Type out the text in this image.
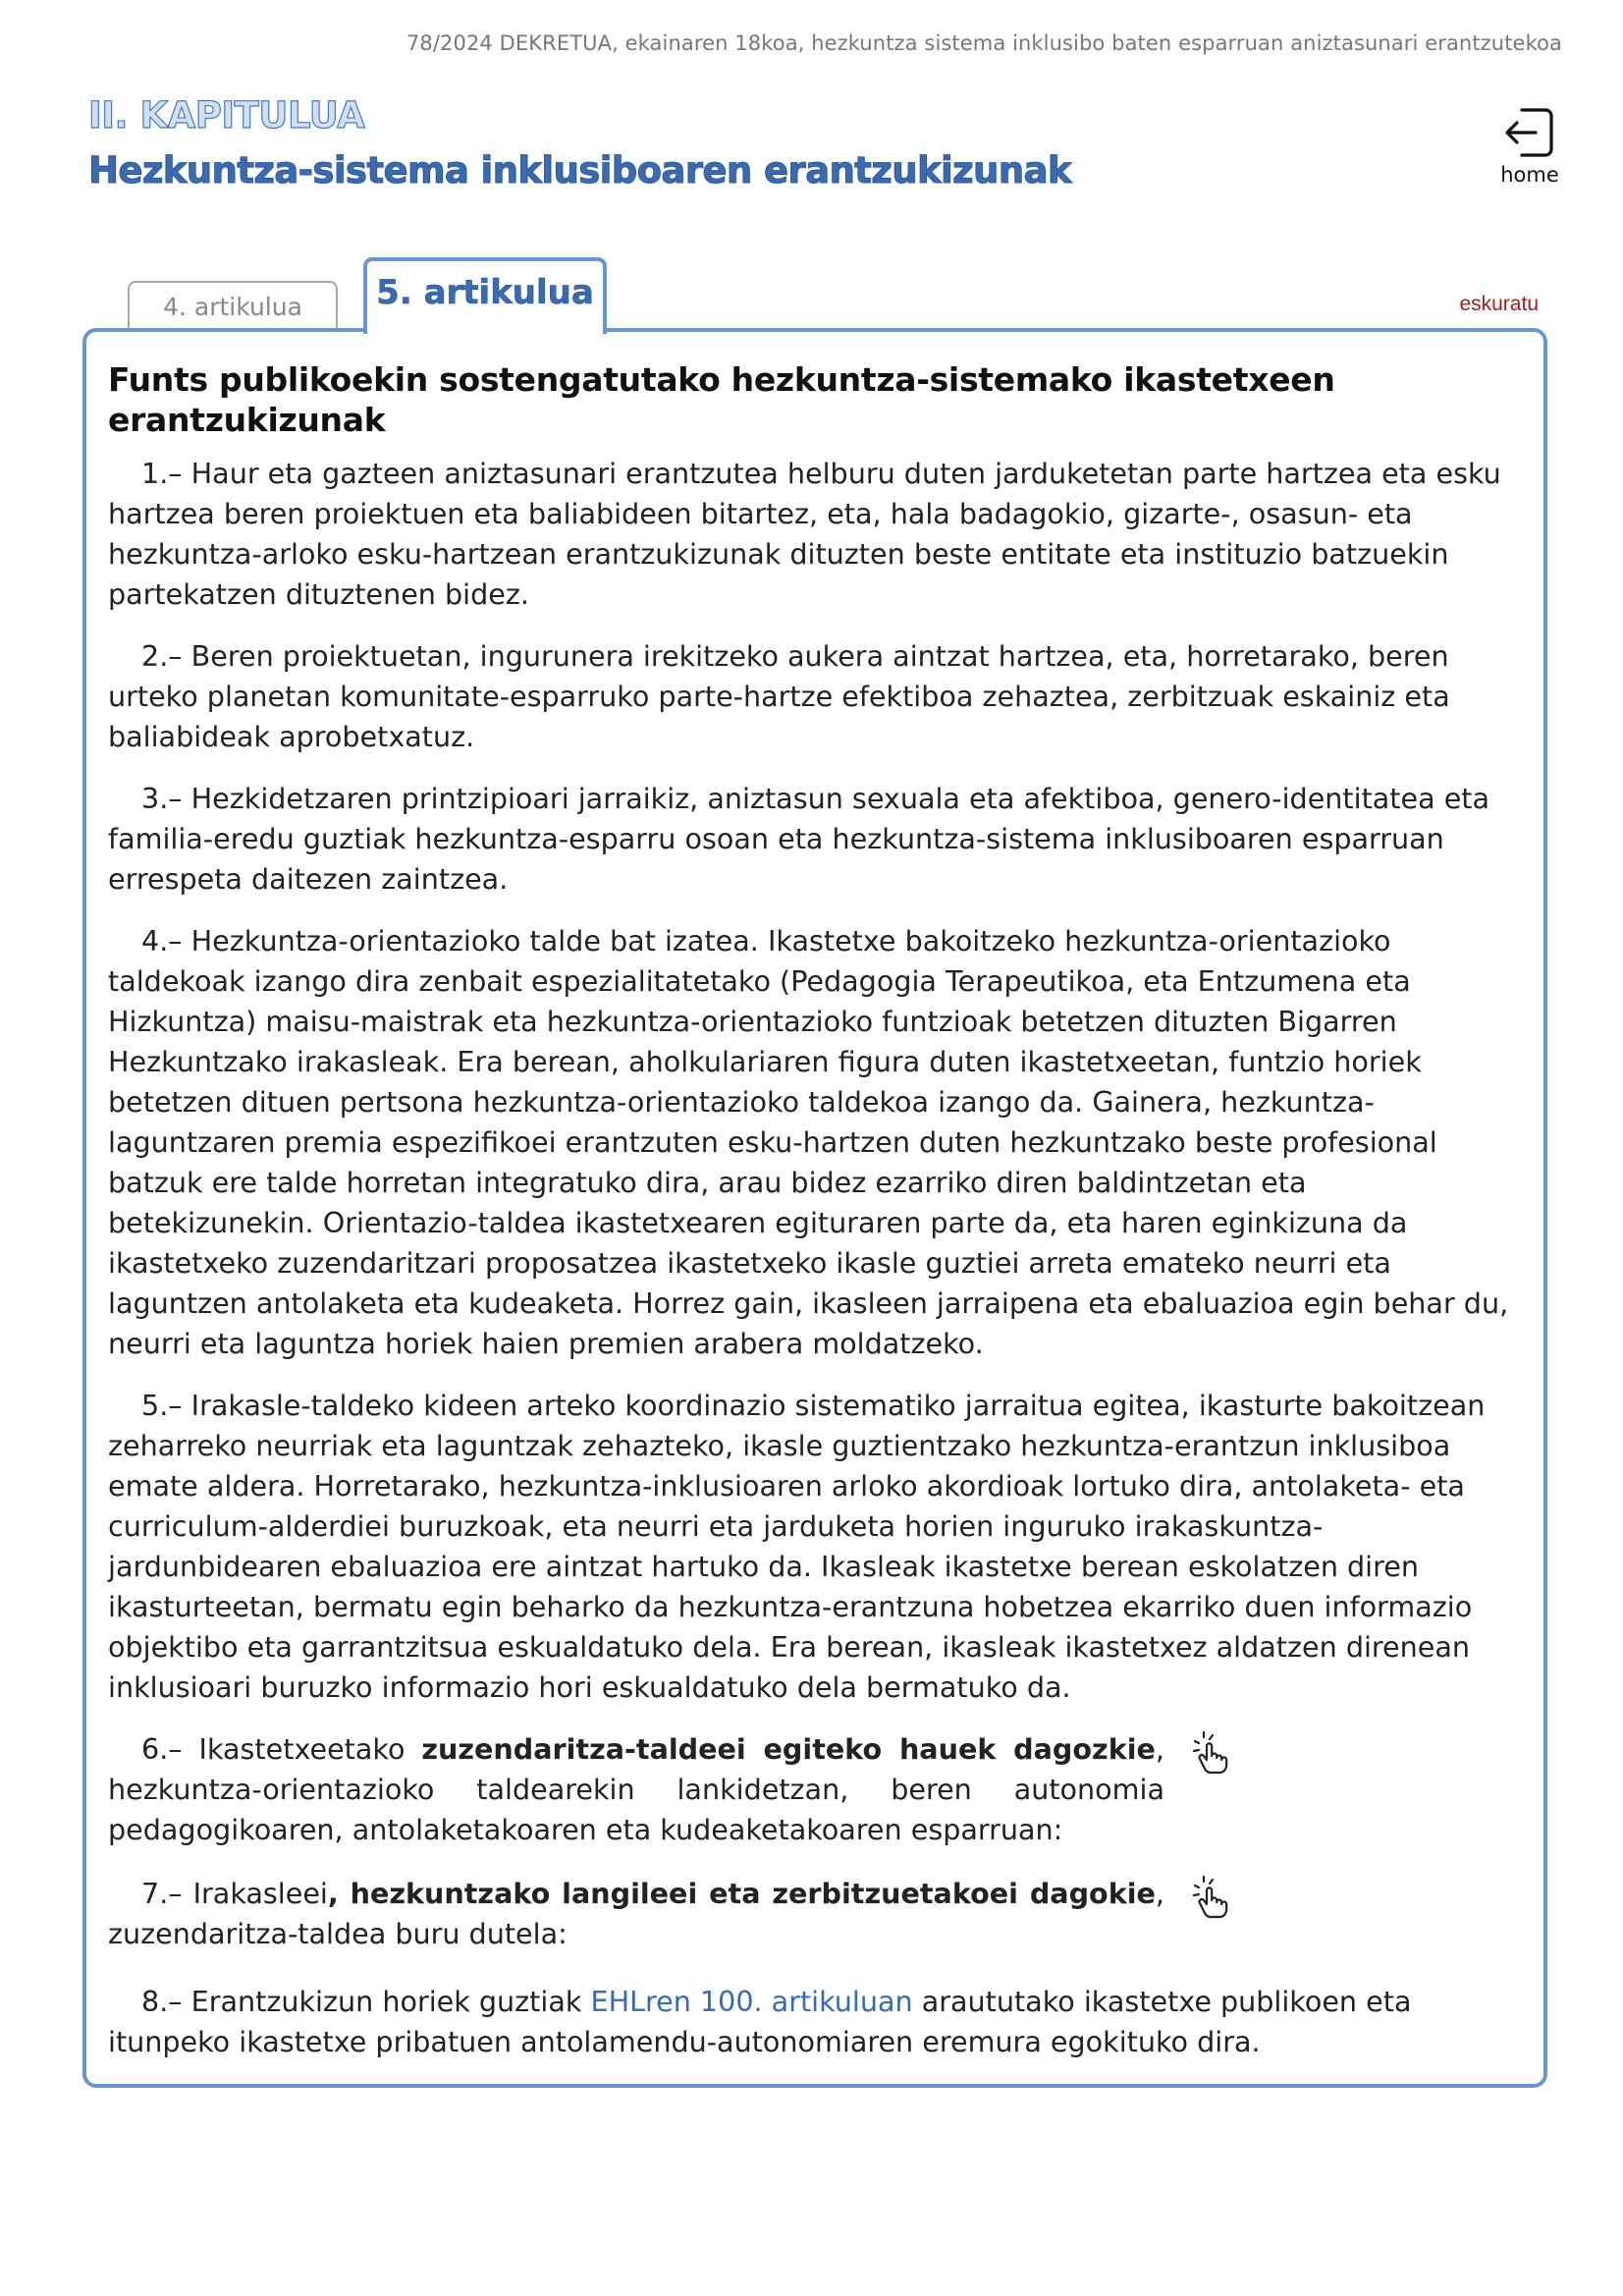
78/2024 DEKRETUA, ekainaren 18koa, hezkuntza sistema inklusibo baten esparruan aniztasunari erantzutekoa
II. KAPITULUA
Hezkuntza-sistema inklusiboaren erantzukizunak	home
4. artikulua	5. artikulua	eskuratu
Funts publikoekin sostengatutako hezkuntza-sistemako ikastetxeen erantzukizunak

1.– Haur eta gazteen aniztasunari erantzutea helburu duten jarduketetan parte hartzea eta esku hartzea beren proiektuen eta baliabideen bitartez, eta, hala badagokio, gizarte-, osasun- eta hezkuntza-arloko esku-hartzean erantzukizunak dituzten beste entitate eta instituzio batzuekin partekatzen dituztenen bidez.

2.– Beren proiektuetan, ingurunera irekitzeko aukera aintzat hartzea, eta, horretarako, beren urteko planetan komunitate-esparruko parte-hartze efektiboa zehaztea, zerbitzuak eskainiz eta baliabideak aprobetxatuz.

3.– Hezkidetzaren printzipioari jarraikiz, aniztasun sexuala eta afektiboa, genero-identitatea eta familia-eredu guztiak hezkuntza-esparru osoan eta hezkuntza-sistema inklusiboaren esparruan errespeta daitezen zaintzea.

4.– Hezkuntza-orientazioko talde bat izatea. Ikastetxe bakoitzeko hezkuntza-orientazioko taldekoak izango dira zenbait espezialitatetako (Pedagogia Terapeutikoa, eta Entzumena eta Hizkuntza) maisu-maistrak eta hezkuntza-orientazioko funtzioak betetzen dituzten Bigarren Hezkuntzako irakasleak. Era berean, aholkulariaren figura duten ikastetxeetan, funtzio horiek betetzen dituen pertsona hezkuntza-orientazioko taldekoa izango da. Gainera, hezkuntza-laguntzaren premia espezifikoei erantzuten esku-hartzen duten hezkuntzako beste profesional batzuk ere talde horretan integratuko dira, arau bidez ezarriko diren baldintzetan eta betekizunekin. Orientazio-taldea ikastetxearen egituraren parte da, eta haren eginkizuna da ikastetxeko zuzendaritzari proposatzea ikastetxeko ikasle guztiei arreta emateko neurri eta laguntzen antolaketa eta kudeaketa. Horrez gain, ikasleen jarraipena eta ebaluazioa egin behar du, neurri eta laguntza horiek haien premien arabera moldatzeko.

5.– Irakasle-taldeko kideen arteko koordinazio sistematiko jarraitua egitea, ikasturte bakoitzean zeharreko neurriak eta laguntzak zehazteko, ikasle guztientzako hezkuntza-erantzun inklusiboa emate aldera. Horretarako, hezkuntza-inklusioaren arloko akordioak lortuko dira, antolaketa- eta curriculum-alderdiei buruzkoak, eta neurri eta jarduketa horien inguruko irakaskuntza-jardunbidearen ebaluazioa ere aintzat hartuko da. Ikasleak ikastetxe berean eskolatzen diren ikasturteetan, bermatu egin beharko da hezkuntza-erantzuna hobetzea ekarriko duen informazio objektibo eta garrantzitsua eskualdatuko dela. Era berean, ikasleak ikastetxez aldatzen direnean inklusioari buruzko informazio hori eskualdatuko dela bermatuko da.

6.– Ikastetxeetako zuzendaritza-taldeei egiteko hauek dagozkie, hezkuntza-orientazioko taldearekin lankidetzan, beren autonomia pedagogikoaren, antolaketakoaren eta kudeaketakoaren esparruan:

7.– Irakasleei, hezkuntzako langileei eta zerbitzuetakoei dagokie, zuzendaritza-taldea buru dutela:

8.– Erantzukizun horiek guztiak EHLren 100. artikuluan araututako ikastetxe publikoen eta itunpeko ikastetxe pribatuen antolamendu-autonomiaren eremura egokituko dira.
